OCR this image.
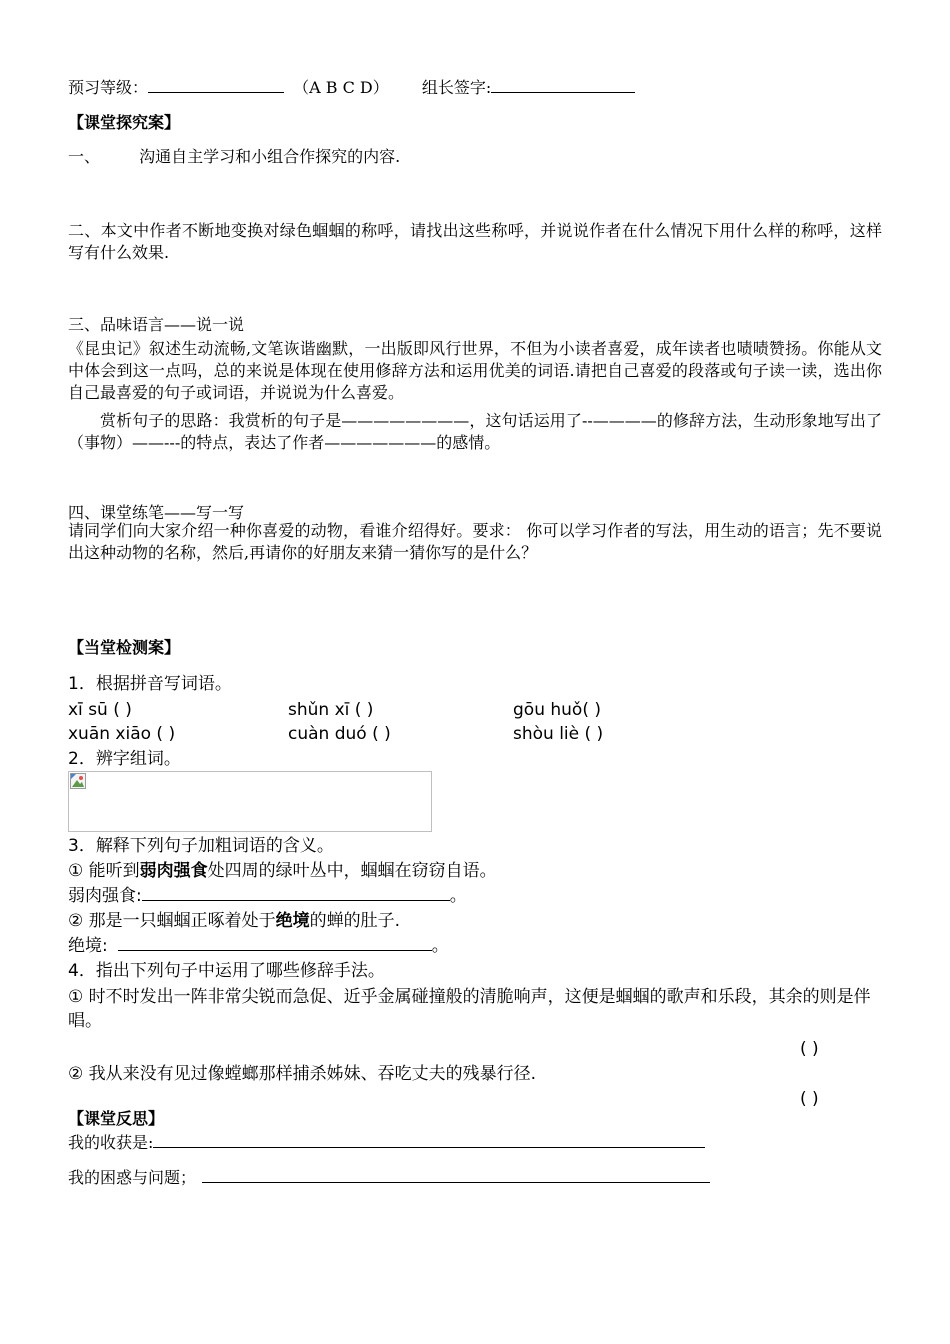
预习等级：	（A B C D） 组长签字:
【课堂探究案】
一、 沟通自主学习和小组合作探究的内容.
二、本文中作者不断地变换对绿色蝈蝈的称呼，请找出这些称呼，并说说作者在什么情况下用什么样的称呼，这样写有什么效果.
三、品味语言——说一说
《昆虫记》叙述生动流畅,文笔诙谐幽默，一出版即风行世界，不但为小读者喜爱，成年读者也啧啧赞扬。你能从文中体会到这一点吗，总的来说是体现在使用修辞方法和运用优美的词语.请把自己喜爱的段落或句子读一读，选出你自己最喜爱的句子或词语，并说说为什么喜爱。
赏析句子的思路：我赏析的句子是————————，这句话运用了--————的修辞方法，生动形象地写出了（事物）——---的特点，表达了作者———————的感情。
四、课堂练笔——写一写
请同学们向大家介绍一种你喜爱的动物，看谁介绍得好。要求： 你可以学习作者的写法，用生动的语言；先不要说出这种动物的名称，然后,再请你的好朋友来猜一猜你写的是什么？
【当堂检测案】
1．根据拼音写词语。
xī sū ( )	shǔn xī ( )	gōu huǒ( )
xuān xiāo ( )	cuàn duó ( )	shòu liè ( )
2．辨字组词。
3．解释下列句子加粗词语的含义。
① 能听到弱肉强食处四周的绿叶丛中，蝈蝈在窃窃自语。
弱肉强食:	。
② 那是一只蝈蝈正啄着处于绝境的蝉的肚子.
绝境:	。
4．指出下列句子中运用了哪些修辞手法。
① 时不时发出一阵非常尖锐而急促、近乎金属碰撞般的清脆响声，这便是蝈蝈的歌声和乐段，其余的则是伴唱。
( )
② 我从来没有见过像螳螂那样捕杀姊妹、吞吃丈夫的残暴行径.
( )
【课堂反思】
我的收获是:
我的困惑与问题；
